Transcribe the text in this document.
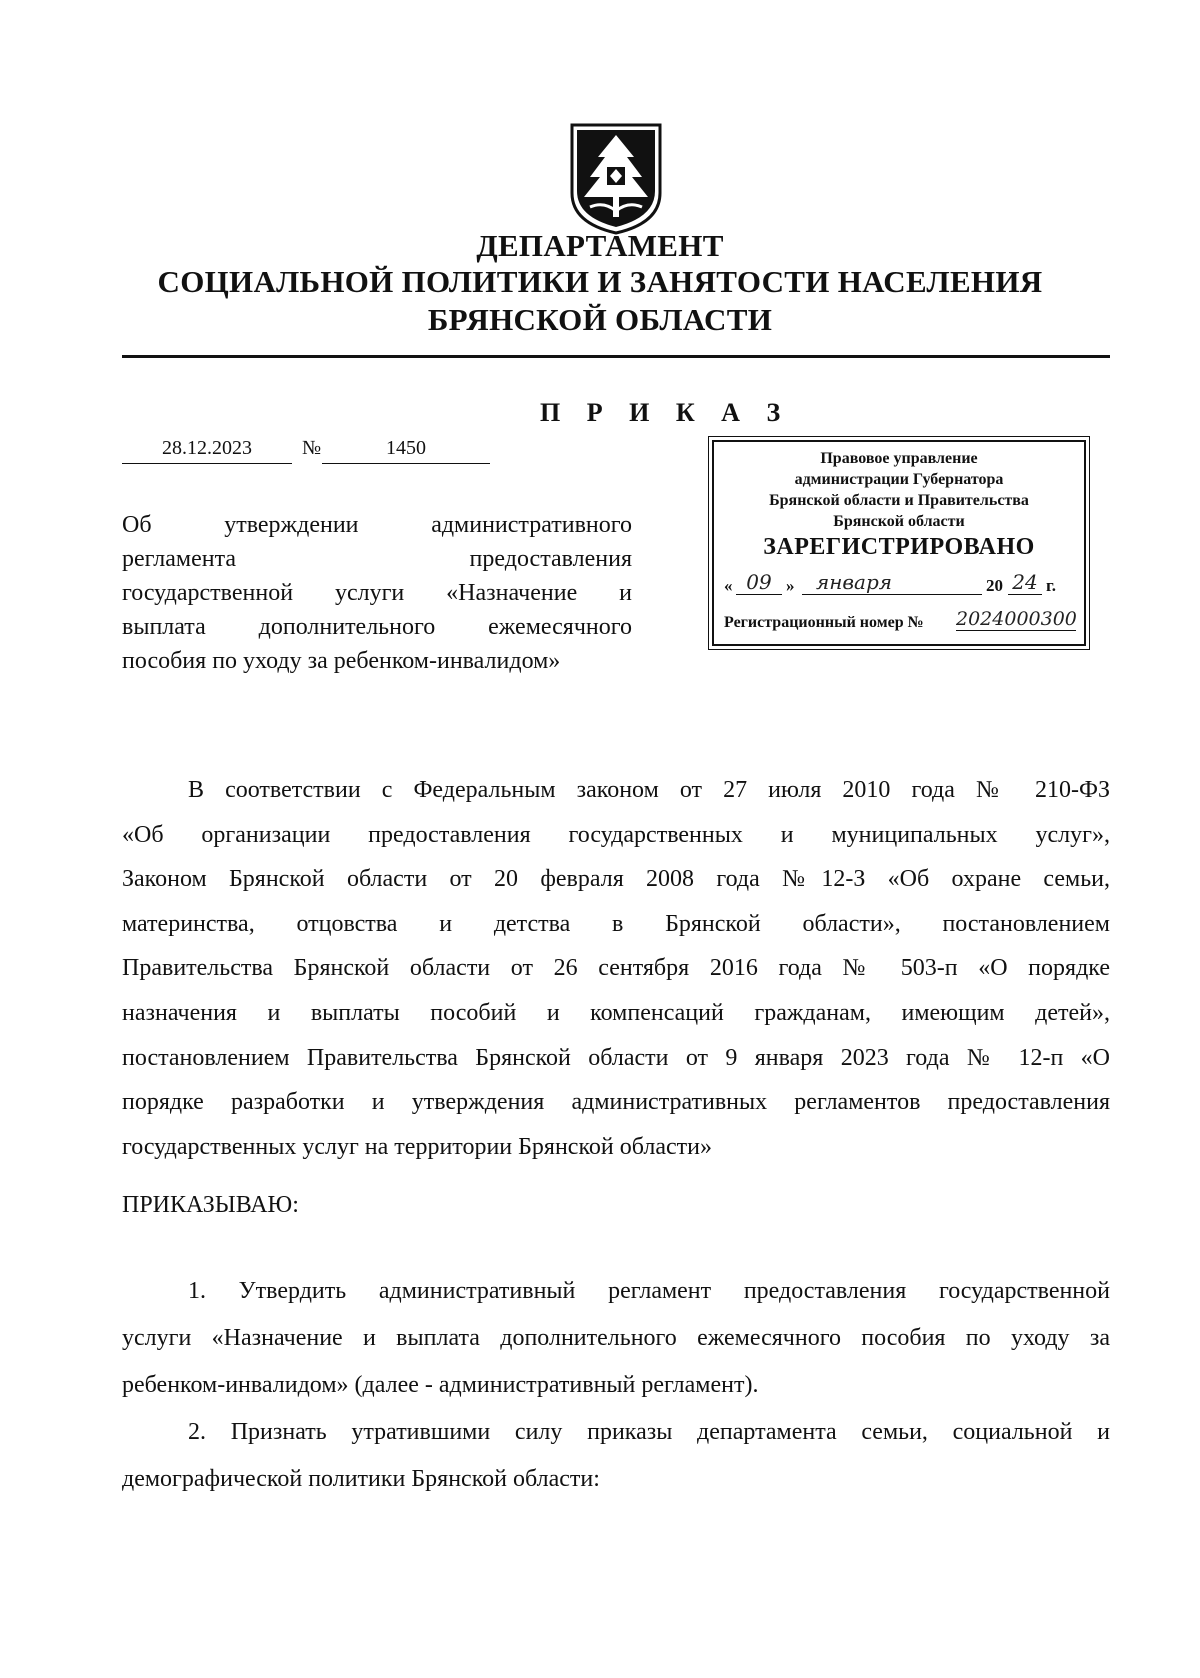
ДЕПАРТАМЕНТ
СОЦИАЛЬНОЙ ПОЛИТИКИ И ЗАНЯТОСТИ НАСЕЛЕНИЯ
БРЯНСКОЙ ОБЛАСТИ
П Р И К А З
28.12.2023	№	1450
Об утверждении административного
регламента предоставления
государственной услуги «Назначение и
выплата дополнительного ежемесячного
пособия по уходу за ребенком-инвалидом»
Правовое управление
администрации Губернатора
Брянской области и Правительства
Брянской области
ЗАРЕГИСТРИРОВАНО
« 09 »	января	20 24 г.
Регистрационный номер № 2024000300
В соответствии с Федеральным законом от 27 июля 2010 года № 210-ФЗ
«Об организации предоставления государственных и муниципальных услуг»,
Законом Брянской области от 20 февраля 2008 года №12-З «Об охране семьи,
материнства, отцовства и детства в Брянской области», постановлением
Правительства Брянской области от 26 сентября 2016 года № 503-п «О порядке
назначения и выплаты пособий и компенсаций гражданам, имеющим детей»,
постановлением Правительства Брянской области от 9 января 2023 года № 12-п «О
порядке разработки и утверждения административных регламентов предоставления
государственных услуг на территории Брянской области»
ПРИКАЗЫВАЮ:
1. Утвердить административный регламент предоставления государственной
услуги «Назначение и выплата дополнительного ежемесячного пособия по уходу за
ребенком-инвалидом» (далее - административный регламент).
2. Признать утратившими силу приказы департамента семьи, социальной и
демографической политики Брянской области:
